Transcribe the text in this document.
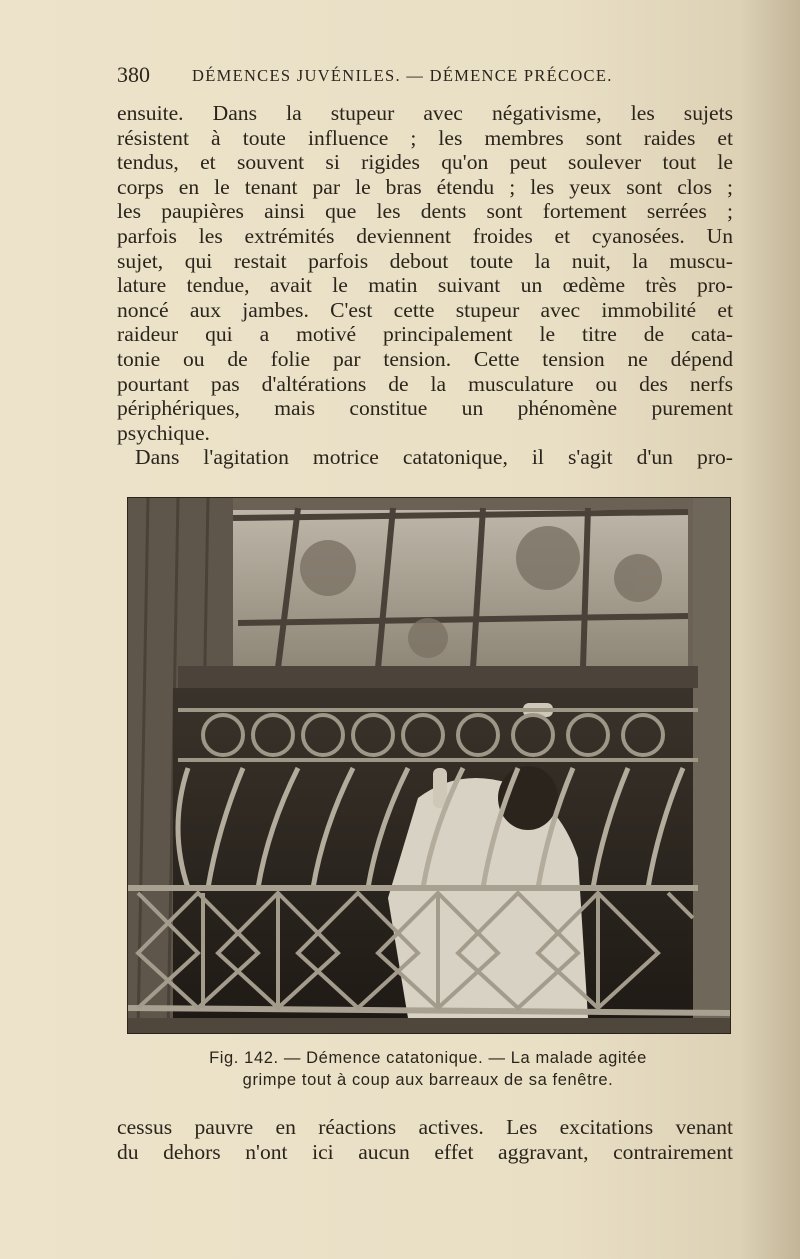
380	DÉMENCES JUVÉNILES. — DÉMENCE PRÉCOCE.
ensuite. Dans la stupeur avec négativisme, les sujets
résistent à toute influence ; les membres sont raides et
tendus, et souvent si rigides qu'on peut soulever tout le
corps en le tenant par le bras étendu ; les yeux sont clos ;
les paupières ainsi que les dents sont fortement serrées ;
parfois les extrémités deviennent froides et cyanosées. Un
sujet, qui restait parfois debout toute la nuit, la muscu-
lature tendue, avait le matin suivant un œdème très pro-
noncé aux jambes. C'est cette stupeur avec immobilité et
raideur qui a motivé principalement le titre de cata-
tonie ou de folie par tension. Cette tension ne dépend
pourtant pas d'altérations de la musculature ou des nerfs
périphériques, mais constitue un phénomène purement
psychique.
Dans l'agitation motrice catatonique, il s'agit d'un pro-
Fig. 142. — Démence catatonique. — La malade agitée
grimpe tout à coup aux barreaux de sa fenêtre.
cessus pauvre en réactions actives. Les excitations venant
du dehors n'ont ici aucun effet aggravant, contrairement
